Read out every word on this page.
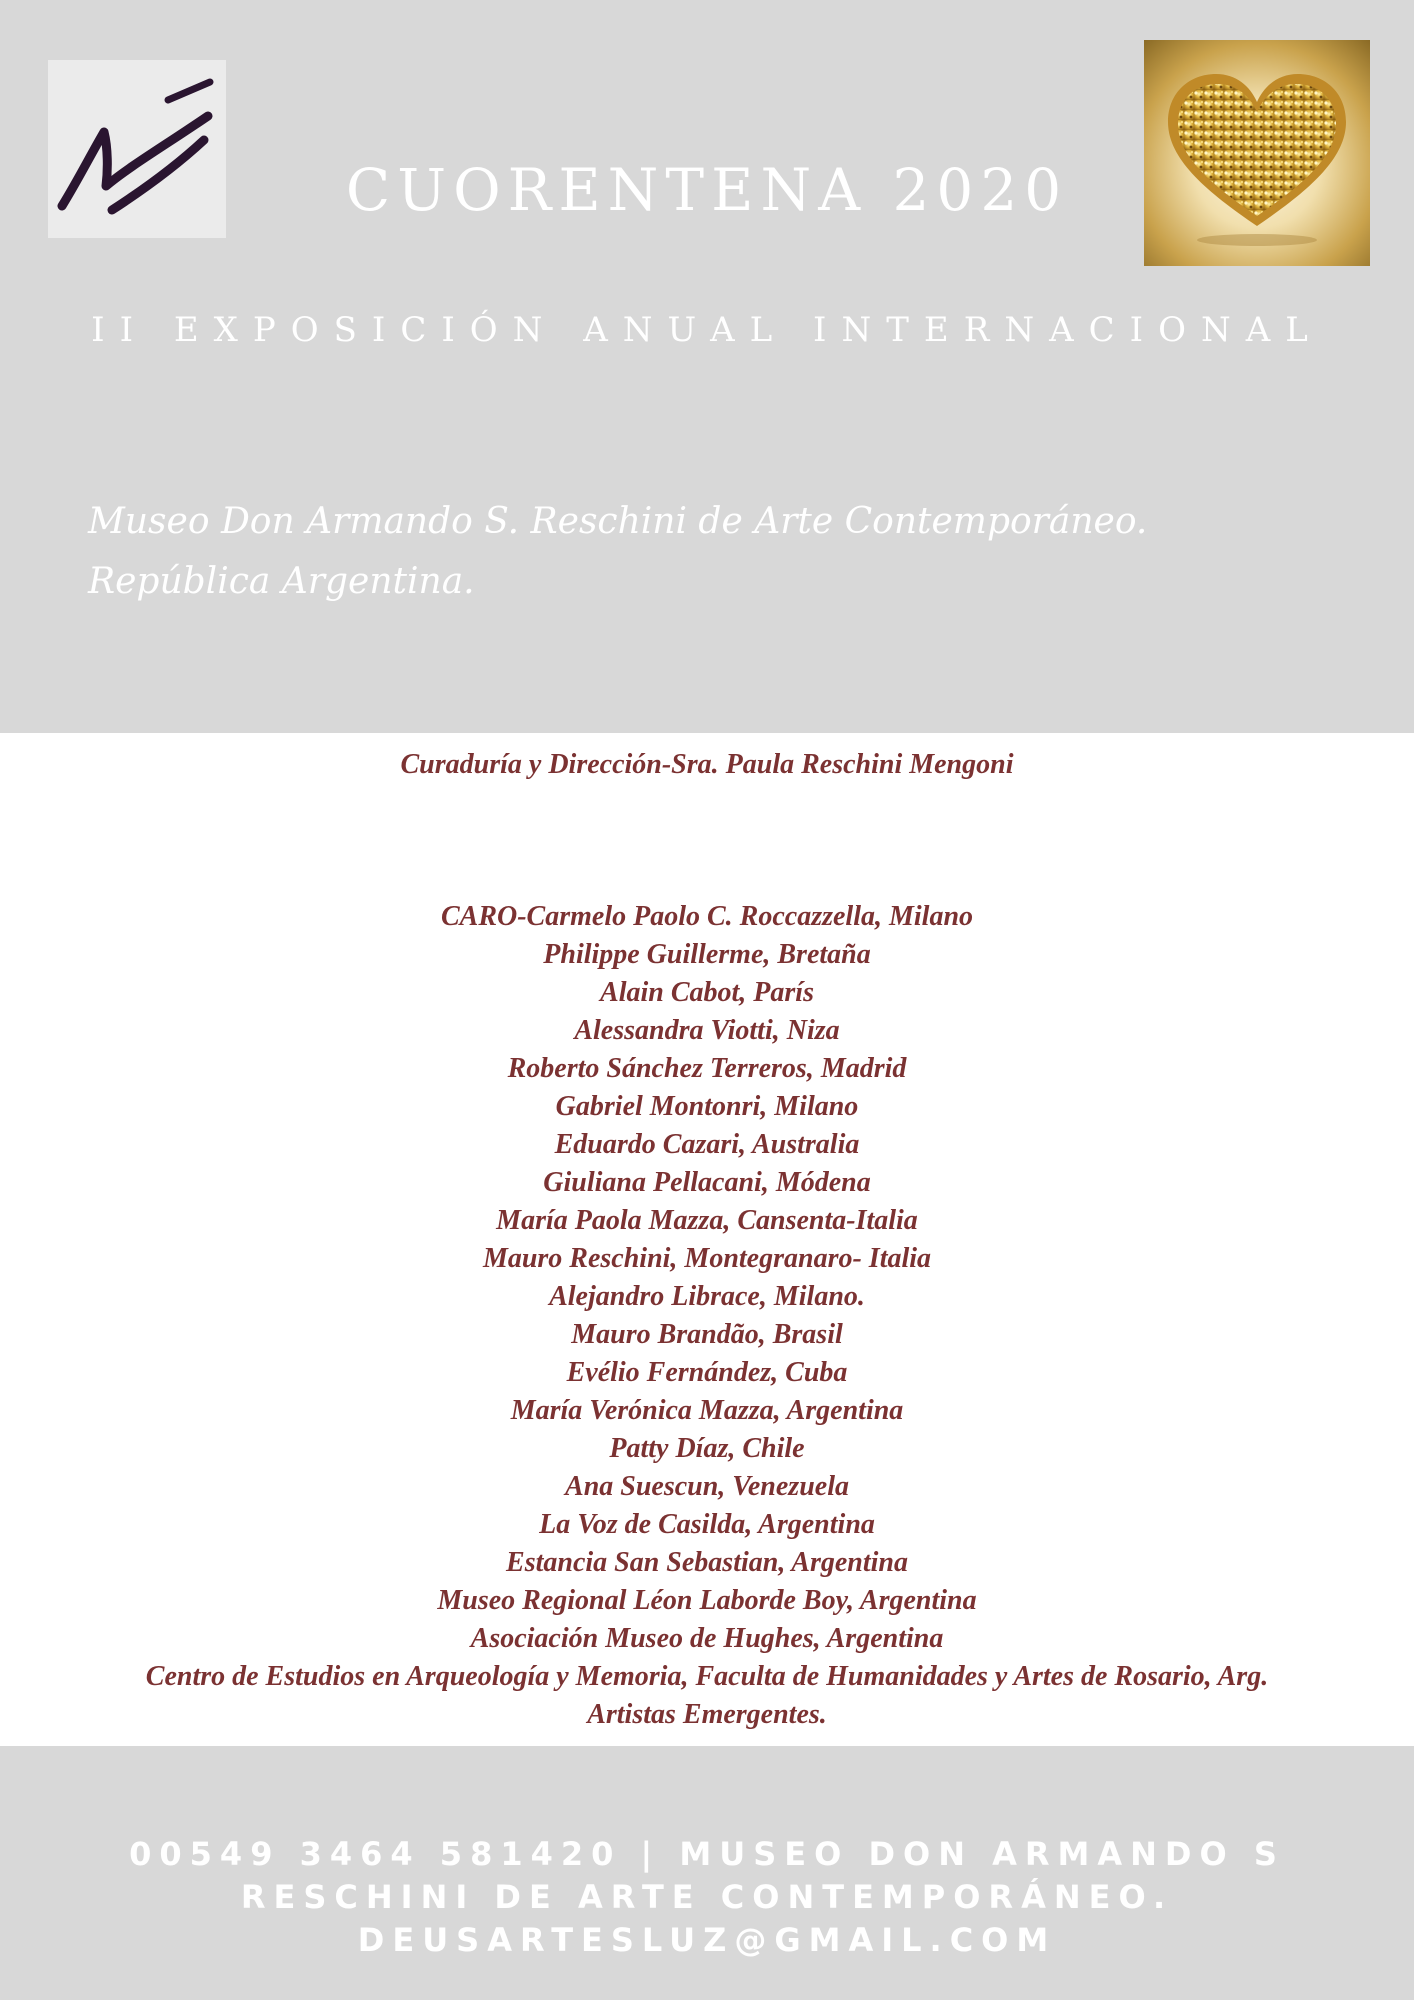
CUORENTENA 2020
II EXPOSICIÓN ANUAL INTERNACIONAL
Museo Don Armando S. Reschini de Arte Contemporáneo. República Argentina.
Curaduría y Dirección-Sra. Paula Reschini Mengoni
CARO-Carmelo Paolo C. Roccazzella, Milano
Philippe Guillerme, Bretaña
Alain Cabot, París
Alessandra Viotti, Niza
Roberto Sánchez Terreros, Madrid
Gabriel Montonri, Milano
Eduardo Cazari, Australia
Giuliana Pellacani, Módena
María Paola Mazza, Cansenta-Italia
Mauro Reschini, Montegranaro- Italia
Alejandro Librace, Milano.
Mauro Brandão, Brasil
Evélio Fernández, Cuba
María Verónica Mazza, Argentina
Patty Díaz, Chile
Ana Suescun, Venezuela
La Voz de Casilda, Argentina
Estancia San Sebastian, Argentina
Museo Regional Léon Laborde Boy, Argentina
Asociación Museo de Hughes, Argentina
Centro de Estudios en Arqueología y Memoria, Faculta de Humanidades y Artes de Rosario, Arg.
Artistas Emergentes.
00549 3464 581420 | MUSEO DON ARMANDO S
RESCHINI DE ARTE CONTEMPORÁNEO.
DEUSARTESLUZ@GMAIL.COM
